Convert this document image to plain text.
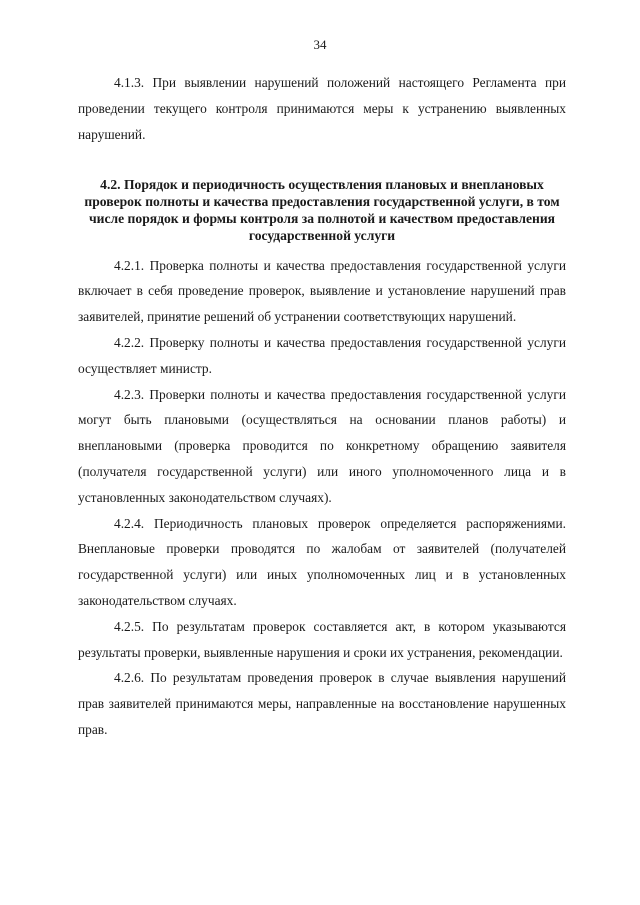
34

4.1.3. При выявлении нарушений положений настоящего Регламента при проведении текущего контроля принимаются меры к устранению выявленных нарушений.

4.2. Порядок и периодичность осуществления плановых и внеплановых проверок полноты и качества предоставления государственной услуги, в том числе порядок и формы контроля за полнотой и качеством предоставления государственной услуги

4.2.1. Проверка полноты и качества предоставления государственной услуги включает в себя проведение проверок, выявление и установление нарушений прав заявителей, принятие решений об устранении соответствующих нарушений.

4.2.2. Проверку полноты и качества предоставления государственной услуги осуществляет министр.

4.2.3. Проверки полноты и качества предоставления государственной услуги могут быть плановыми (осуществляться на основании планов работы) и внеплановыми (проверка проводится по конкретному обращению заявителя (получателя государственной услуги) или иного уполномоченного лица и в установленных законодательством случаях).

4.2.4. Периодичность плановых проверок определяется распоряжениями. Внеплановые проверки проводятся по жалобам от заявителей (получателей государственной услуги) или иных уполномоченных лиц и в установленных законодательством случаях.

4.2.5. По результатам проверок составляется акт, в котором указываются результаты проверки, выявленные нарушения и сроки их устранения, рекомендации.

4.2.6. По результатам проведения проверок в случае выявления нарушений прав заявителей принимаются меры, направленные на восстановление нарушенных прав.
